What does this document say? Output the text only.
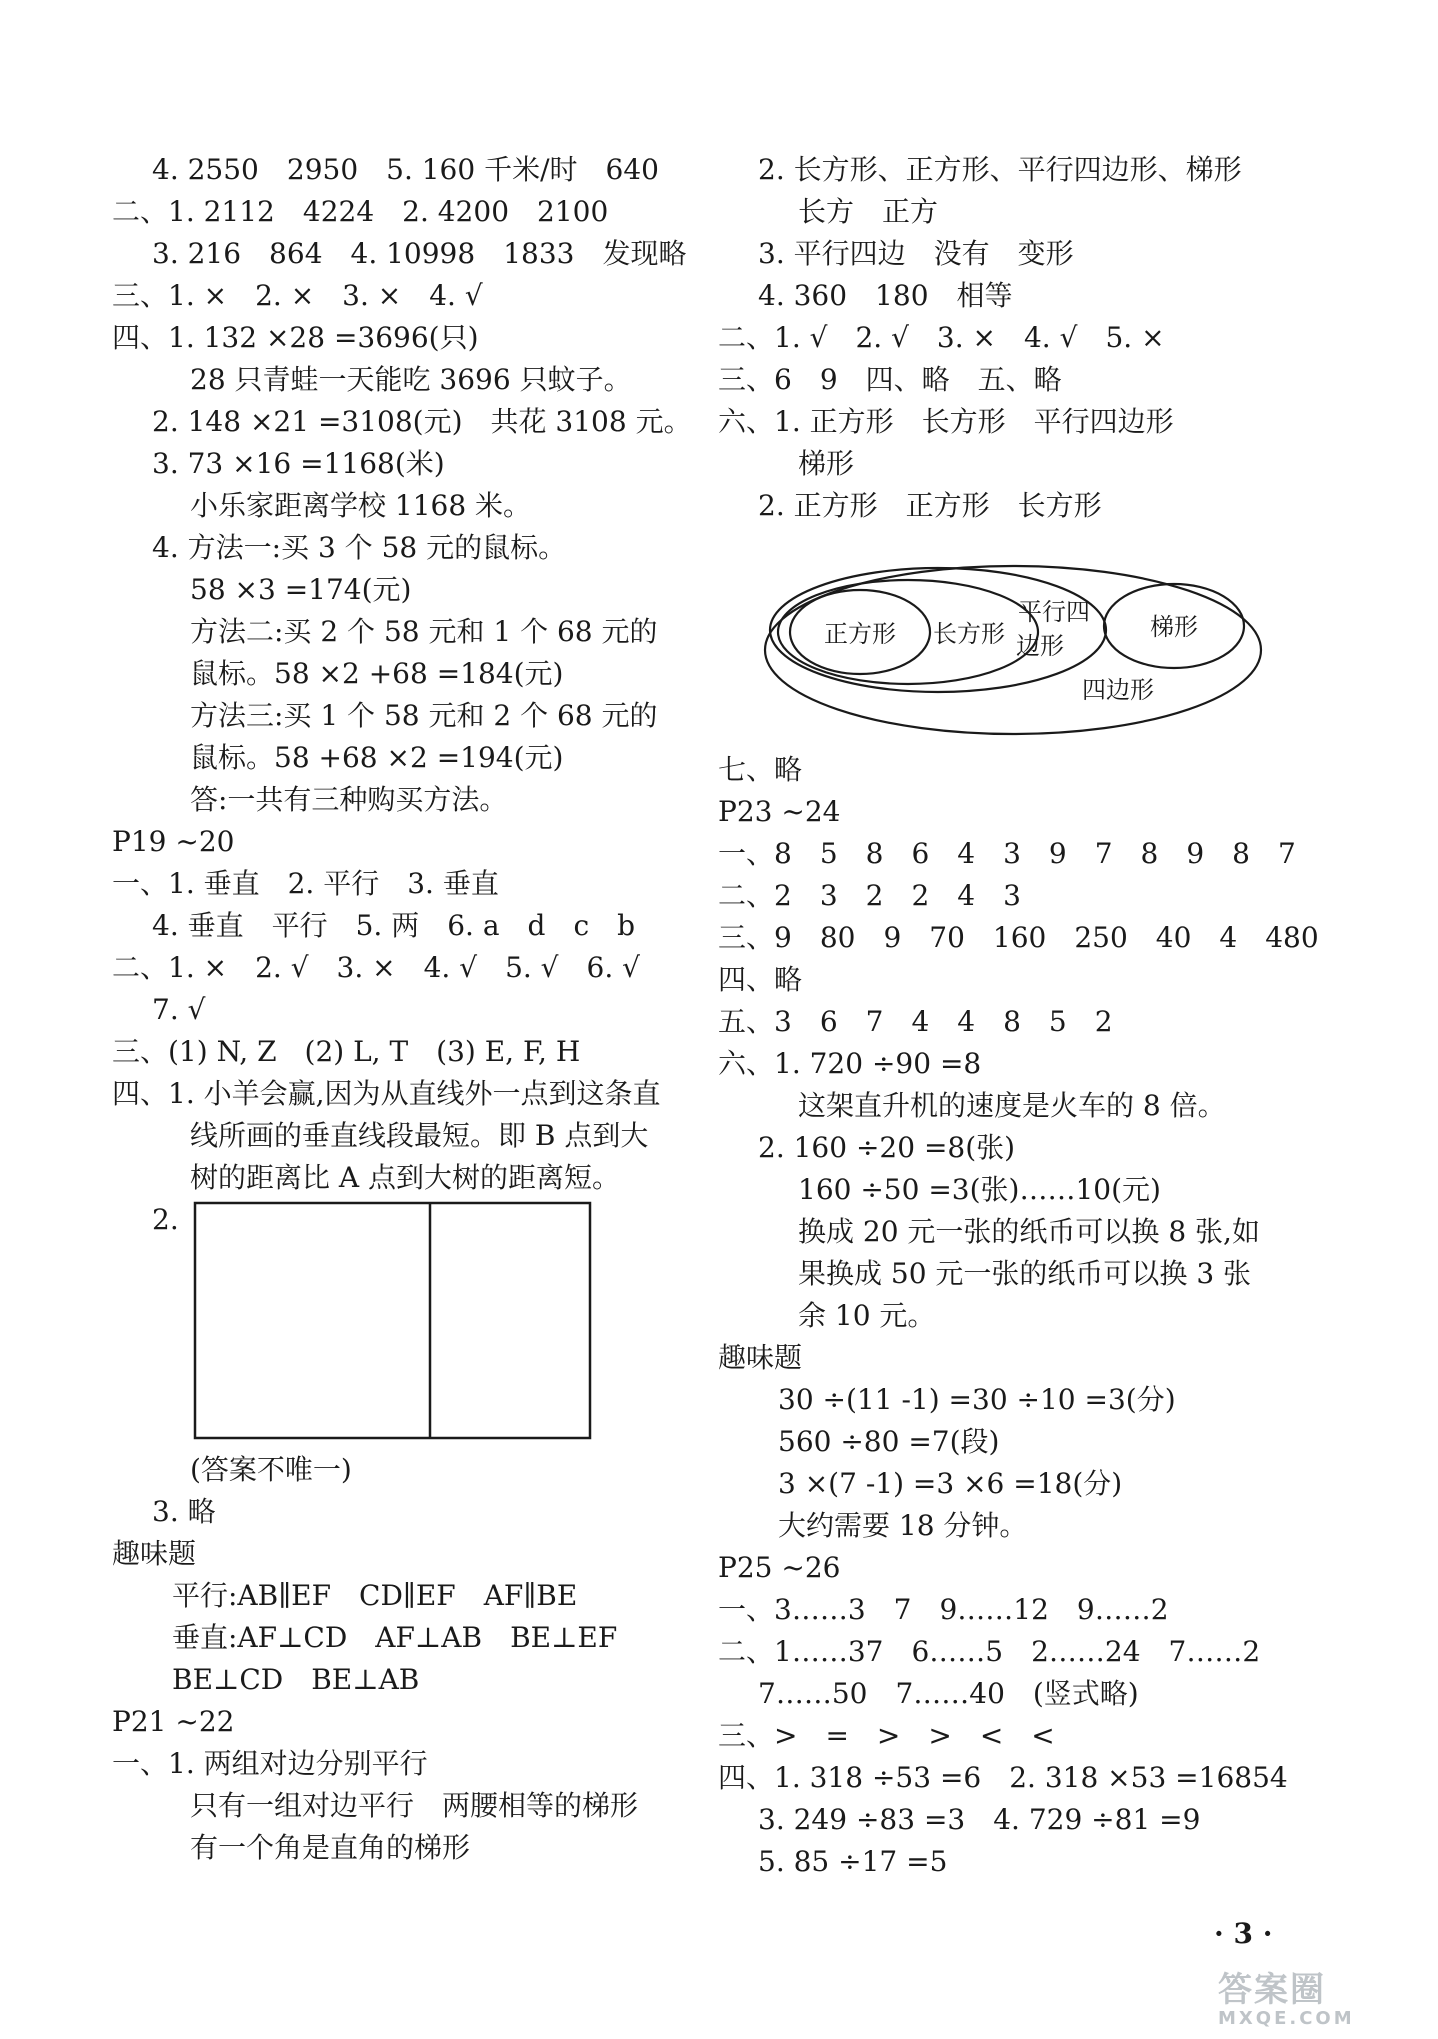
4. 2550　2950　5. 160 千米/时　640
二、1. 2112　4224　2. 4200　2100
3. 216　864　4. 10998　1833　发现略
三、1. ×　2. ×　3. ×　4. √
四、1. 132 ×28 =3696(只)
28 只青蛙一天能吃 3696 只蚊子。
2. 148 ×21 =3108(元)　共花 3108 元。
3. 73 ×16 =1168(米)
小乐家距离学校 1168 米。
4. 方法一:买 3 个 58 元的鼠标。
58 ×3 =174(元)
方法二:买 2 个 58 元和 1 个 68 元的
鼠标。58 ×2 +68 =184(元)
方法三:买 1 个 58 元和 2 个 68 元的
鼠标。58 +68 ×2 =194(元)
答:一共有三种购买方法。
P19 ~20
一、1. 垂直　2. 平行　3. 垂直
4. 垂直　平行　5. 两　6. a　d　c　b
二、1. ×　2. √　3. ×　4. √　5. √　6. √
7. √
三、(1) N, Z　(2) L, T　(3) E, F, H
四、1. 小羊会赢,因为从直线外一点到这条直
线所画的垂直线段最短。即 B 点到大
树的距离比 A 点到大树的距离短。
2.
(答案不唯一)
3. 略
趣味题
平行:AB∥EF　CD∥EF　AF∥BE
垂直:AF⊥CD　AF⊥AB　BE⊥EF
BE⊥CD　BE⊥AB
P21 ~22
一、1. 两组对边分别平行
只有一组对边平行　两腰相等的梯形
有一个角是直角的梯形
2. 长方形、正方形、平行四边形、梯形
长方　正方
3. 平行四边　没有　变形
4. 360　180　相等
二、1. √　2. √　3. ×　4. √　5. ×
三、6　9　四、略　五、略
六、1. 正方形　长方形　平行四边形
梯形
2. 正方形　正方形　长方形
正方形 长方形
平行四
边形
梯形
四边形
七、略
P23 ~24
一、8　5　8　6　4　3　9　7　8　9　8　7
二、2　3　2　2　4　3
三、9　80　9　70　160　250　40　4　480
四、略
五、3　6　7　4　4　8　5　2
六、1. 720 ÷90 =8
这架直升机的速度是火车的 8 倍。
2. 160 ÷20 =8(张)
160 ÷50 =3(张)……10(元)
换成 20 元一张的纸币可以换 8 张,如
果换成 50 元一张的纸币可以换 3 张
余 10 元。
趣味题
30 ÷(11 -1) =30 ÷10 =3(分)
560 ÷80 =7(段)
3 ×(7 -1) =3 ×6 =18(分)
大约需要 18 分钟。
P25 ~26
一、3……3　7　9……12　9……2
二、1……37　6……5　2……24　7……2
7……50　7……40　(竖式略)
三、>　=　>　>　<　<
四、1. 318 ÷53 =6　2. 318 ×53 =16854
3. 249 ÷83 =3　4. 729 ÷81 =9
5. 85 ÷17 =5
· 3 ·
答案圈
MXQE.COM
